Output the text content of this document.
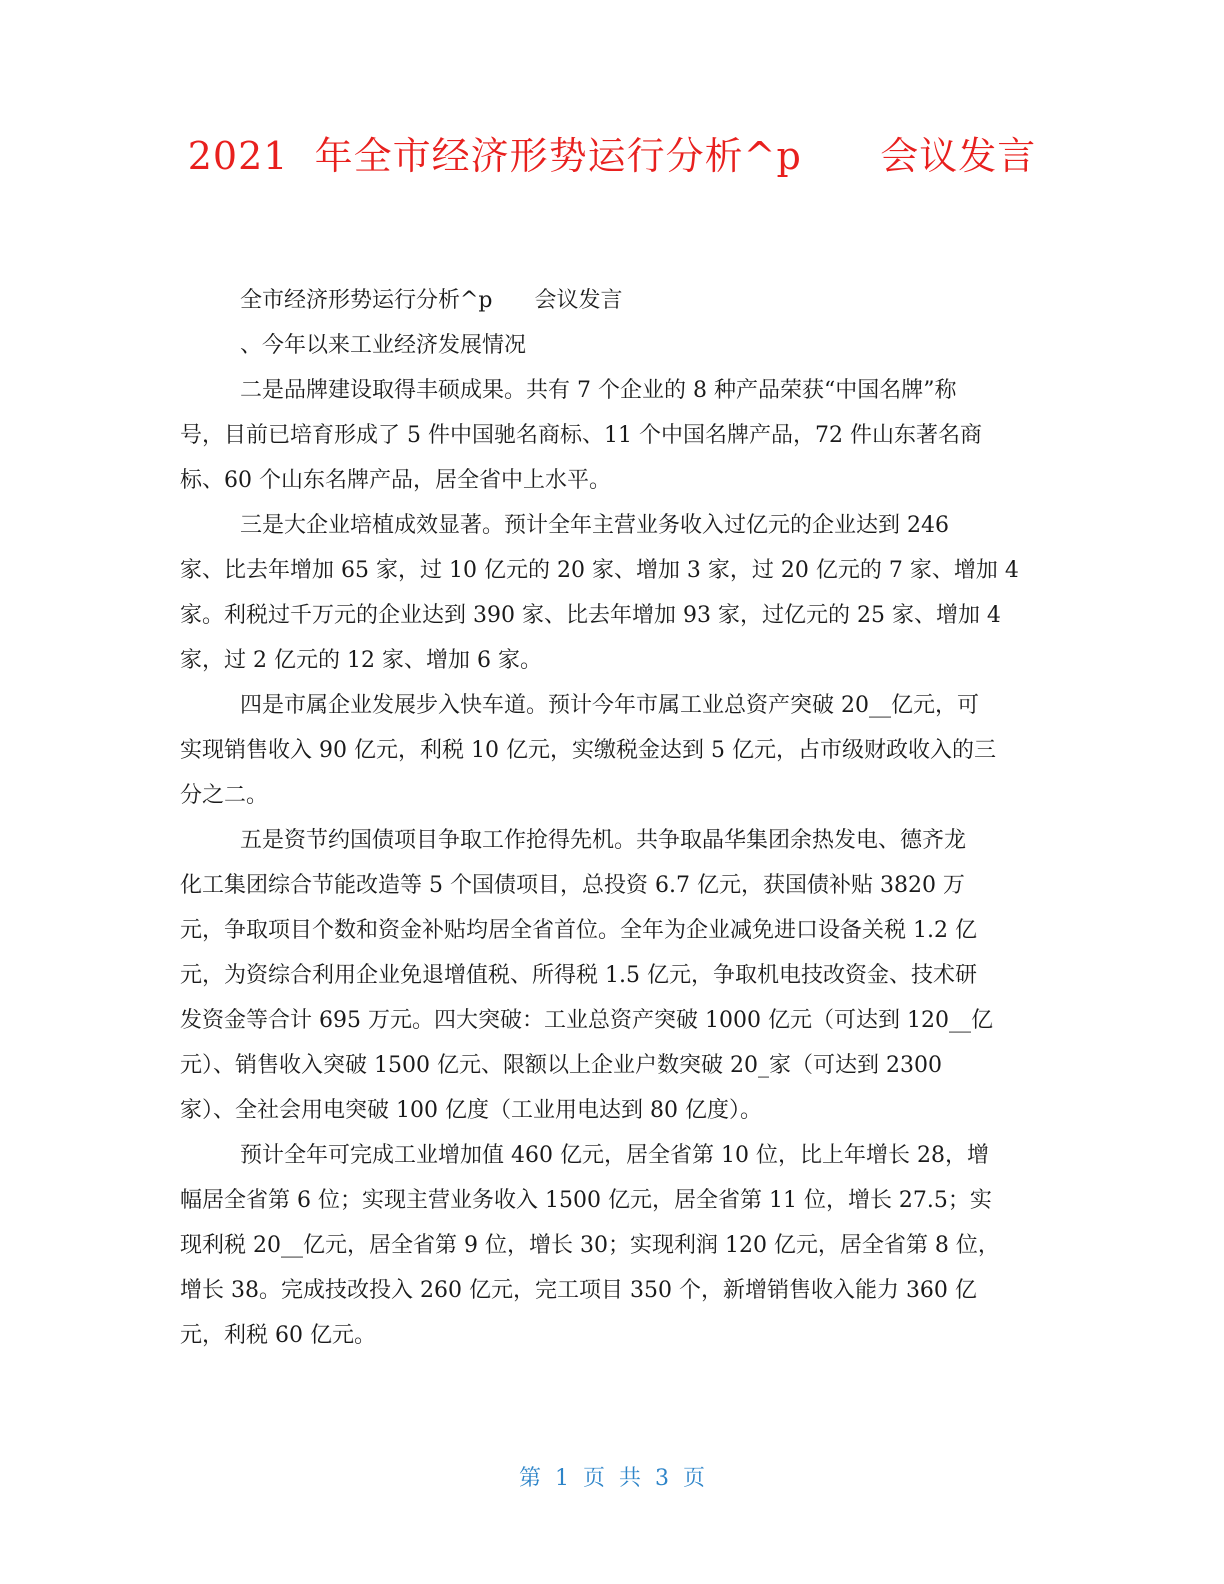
2021  年全市经济形势运行分析^p      会议发言

全市经济形势运行分析^p      会议发言

、今年以来工业经济发展情况

二是品牌建设取得丰硕成果。共有 7 个企业的 8 种产品荣获“中国名牌”称

号，目前已培育形成了 5 件中国驰名商标、11 个中国名牌产品，72 件山东著名商

标、60 个山东名牌产品，居全省中上水平。

三是大企业培植成效显著。预计全年主营业务收入过亿元的企业达到 246

家、比去年增加 65 家，过 10 亿元的 20 家、增加 3 家，过 20 亿元的 7 家、增加 4

家。利税过千万元的企业达到 390 家、比去年增加 93 家，过亿元的 25 家、增加 4

家，过 2 亿元的 12 家、增加 6 家。

四是市属企业发展步入快车道。预计今年市属工业总资产突破 20__亿元，可

实现销售收入 90 亿元，利税 10 亿元，实缴税金达到 5 亿元，占市级财政收入的三

分之二。

五是资节约国债项目争取工作抢得先机。共争取晶华集团余热发电、德齐龙

化工集团综合节能改造等 5 个国债项目，总投资 6.7 亿元，获国债补贴 3820 万

元，争取项目个数和资金补贴均居全省首位。全年为企业减免进口设备关税 1.2 亿

元，为资综合利用企业免退增值税、所得税 1.5 亿元，争取机电技改资金、技术研

发资金等合计 695 万元。四大突破：工业总资产突破 1000 亿元（可达到 120__亿

元）、销售收入突破 1500 亿元、限额以上企业户数突破 20_家（可达到 2300

家）、全社会用电突破 100 亿度（工业用电达到 80 亿度）。

预计全年可完成工业增加值 460 亿元，居全省第 10 位，比上年增长 28，增

幅居全省第 6 位；实现主营业务收入 1500 亿元，居全省第 11 位，增长 27.5；实

现利税 20__亿元，居全省第 9 位，增长 30；实现利润 120 亿元，居全省第 8 位，

增长 38。完成技改投入 260 亿元，完工项目 350 个，新增销售收入能力 360 亿

元，利税 60 亿元。

第  1  页  共  3  页
